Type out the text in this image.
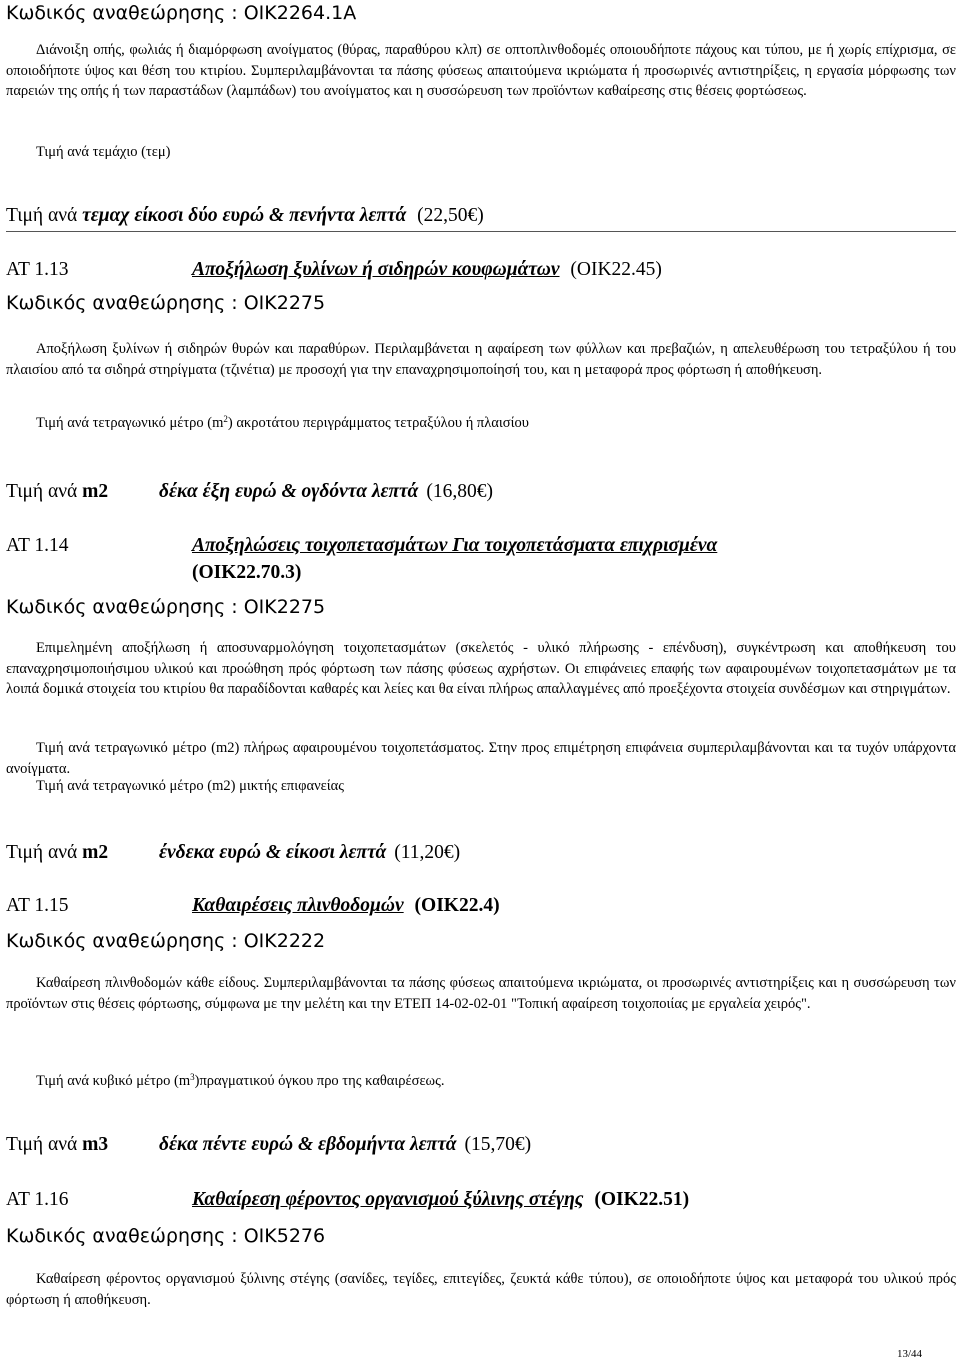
Κωδικός αναθεώρησης : ΟΙΚ2264.1Α
Διάνοιξη οπής, φωλιάς ή διαμόρφωση ανοίγματος (θύρας, παραθύρου κλπ) σε οπτοπλινθοδομές οποιουδήποτε πάχους και τύπου, με ή χωρίς επίχρισμα, σε οποιοδήποτε ύψος και θέση του κτιρίου. Συμπεριλαμβάνονται τα πάσης φύσεως απαιτούμενα ικριώματα ή προσωρινές αντιστηρίξεις, η εργασία μόρφωσης των παρειών της οπής ή των παραστάδων (λαμπάδων) του ανοίγματος και η συσσώρευση των προϊόντων καθαίρεσης στις θέσεις φορτώσεως.
Τιμή ανά τεμάχιο (τεμ)
Τιμή ανά τεμαχ είκοσι δύο ευρώ & πενήντα λεπτά (22,50€)
ΑΤ 1.13	Αποξήλωση ξυλίνων ή σιδηρών κουφωμάτων (ΟΙΚ22.45)
Κωδικός αναθεώρησης : ΟΙΚ2275
Αποξήλωση ξυλίνων ή σιδηρών θυρών και παραθύρων. Περιλαμβάνεται η αφαίρεση των φύλλων και πρεβαζιών, η απελευθέρωση του τετραξύλου ή του πλαισίου από τα σιδηρά στηρίγματα (τζινέτια) με προσοχή για την επαναχρησιμοποίησή του, και η μεταφορά προς φόρτωση ή αποθήκευση.
Τιμή ανά τετραγωνικό μέτρο $(m^2)$ ακροτάτου περιγράμματος τετραξύλου ή πλαισίου
Τιμή ανά m2	δέκα έξη ευρώ & ογδόντα λεπτά (16,80€)
ΑΤ 1.14	Αποξηλώσεις τοιχοπετασμάτων Για τοιχοπετάσματα επιχρισμένα
(ΟΙΚ22.70.3)
Κωδικός αναθεώρησης : ΟΙΚ2275
Επιμελημένη αποξήλωση ή αποσυναρμολόγηση τοιχοπετασμάτων (σκελετός - υλικό πλήρωσης - επένδυση), συγκέντρωση και αποθήκευση του επαναχρησιμοποιήσιμου υλικού και προώθηση πρός φόρτωση των πάσης φύσεως αχρήστων. Οι επιφάνειες επαφής των αφαιρουμένων τοιχοπετασμάτων με τα λοιπά δομικά στοιχεία του κτιρίου θα παραδίδονται καθαρές και λείες και θα είναι πλήρως απαλλαγμένες από προεξέχοντα στοιχεία συνδέσμων και στηριγμάτων.
Τιμή ανά τετραγωνικό μέτρο (m2) πλήρως αφαιρουμένου τοιχοπετάσματος. Στην προς επιμέτρηση επιφάνεια συμπεριλαμβάνονται και τα τυχόν υπάρχοντα ανοίγματα.
Τιμή ανά τετραγωνικό μέτρο (m2) μικτής επιφανείας
Τιμή ανά m2	ένδεκα ευρώ & είκοσι λεπτά (11,20€)
ΑΤ 1.15	Καθαιρέσεις πλινθοδομών (ΟΙΚ22.4)
Κωδικός αναθεώρησης : ΟΙΚ2222
Καθαίρεση πλινθοδομών κάθε είδους. Συμπεριλαμβάνονται τα πάσης φύσεως απαιτούμενα ικριώματα, οι προσωρινές αντιστηρίξεις και η συσσώρευση των προϊόντων στις θέσεις φόρτωσης, σύμφωνα με την μελέτη και την ΕΤΕΠ 14-02-02-01 "Τοπική αφαίρεση τοιχοποιίας με εργαλεία χειρός".
Τιμή ανά κυβικό μέτρο $(m^3)\pi\rho\alpha\gamma\mu\alpha\tau\iota\kappa oύ$ όγκου προ της καθαιρέσεως.
Τιμή ανά m3	δέκα πέντε ευρώ & εβδομήντα λεπτά (15,70€)
ΑΤ 1.16	Καθαίρεση φέροντος οργανισμού ξύλινης στέγης (ΟΙΚ22.51)
Κωδικός αναθεώρησης : ΟΙΚ5276
Καθαίρεση φέροντος οργανισμού ξύλινης στέγης (σανίδες, τεγίδες, επιτεγίδες, ζευκτά κάθε τύπου), σε οποιοδήποτε ύψος και μεταφορά του υλικού πρός φόρτωση ή αποθήκευση.
13/44
